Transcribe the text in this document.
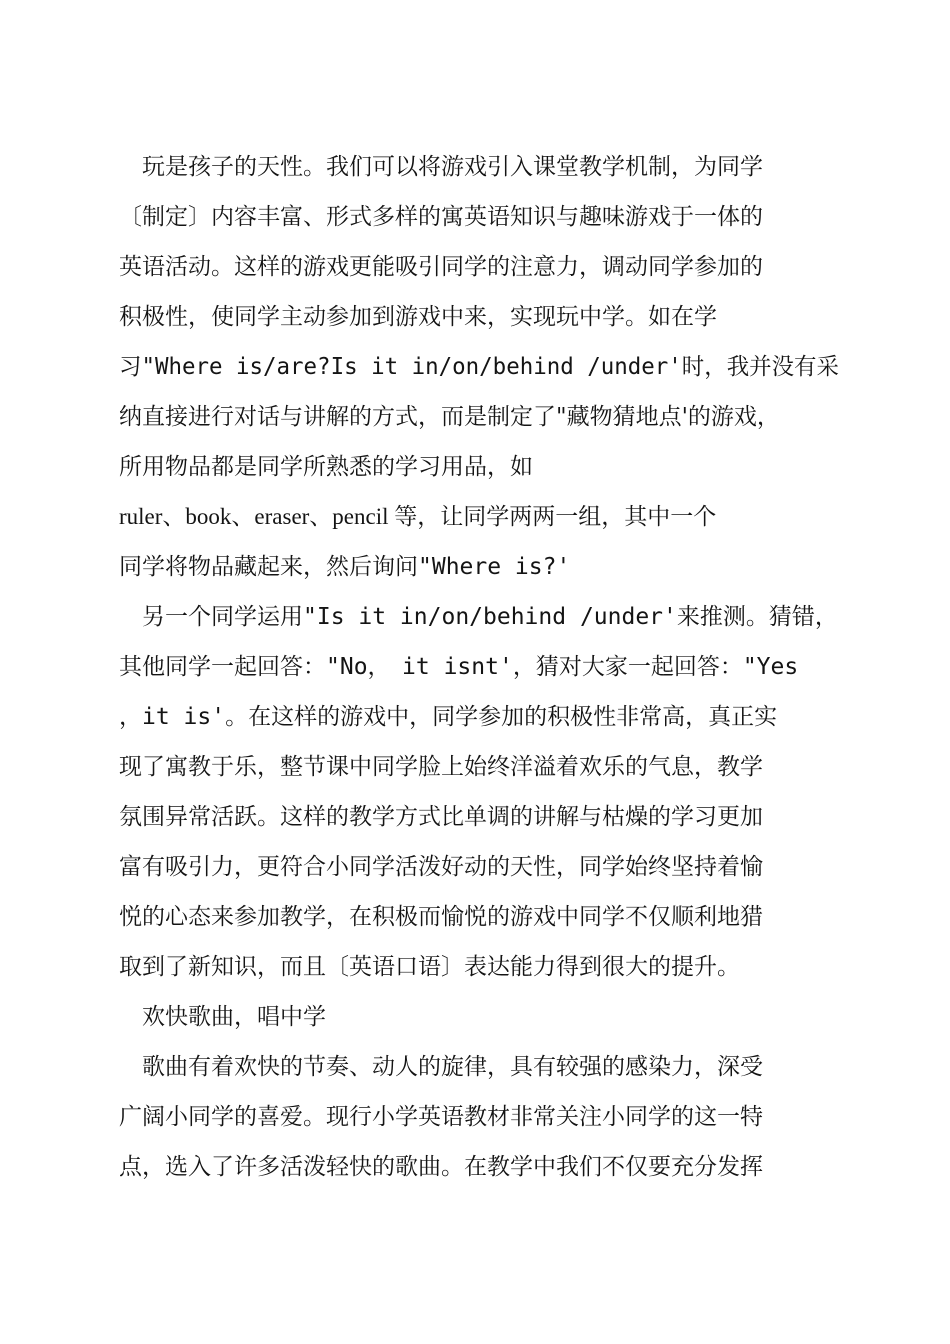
　玩是孩子的天性。我们可以将游戏引入课堂教学机制，为同学
〔制定〕内容丰富、形式多样的寓英语知识与趣味游戏于一体的
英语活动。这样的游戏更能吸引同学的注意力，调动同学参加的
积极性，使同学主动参加到游戏中来，实现玩中学。如在学
习"Where is/are?Is it in/on/behind /under'时，我并没有采
纳直接进行对话与讲解的方式，而是制定了"藏物猜地点'的游戏，
所用物品都是同学所熟悉的学习用品，如
ruler、book、eraser、pencil 等，让同学两两一组，其中一个
同学将物品藏起来，然后询问"Where is?'
　另一个同学运用"Is it in/on/behind /under'来推测。猜错，
其他同学一起回答："No，　it isnt'，猜对大家一起回答："Yes
，it is'。在这样的游戏中，同学参加的积极性非常高，真正实
现了寓教于乐，整节课中同学脸上始终洋溢着欢乐的气息，教学
氛围异常活跃。这样的教学方式比单调的讲解与枯燥的学习更加
富有吸引力，更符合小同学活泼好动的天性，同学始终坚持着愉
悦的心态来参加教学，在积极而愉悦的游戏中同学不仅顺利地猎
取到了新知识，而且〔英语口语〕表达能力得到很大的提升。
　欢快歌曲，唱中学
　歌曲有着欢快的节奏、动人的旋律，具有较强的感染力，深受
广阔小同学的喜爱。现行小学英语教材非常关注小同学的这一特
点，选入了许多活泼轻快的歌曲。在教学中我们不仅要充分发挥
